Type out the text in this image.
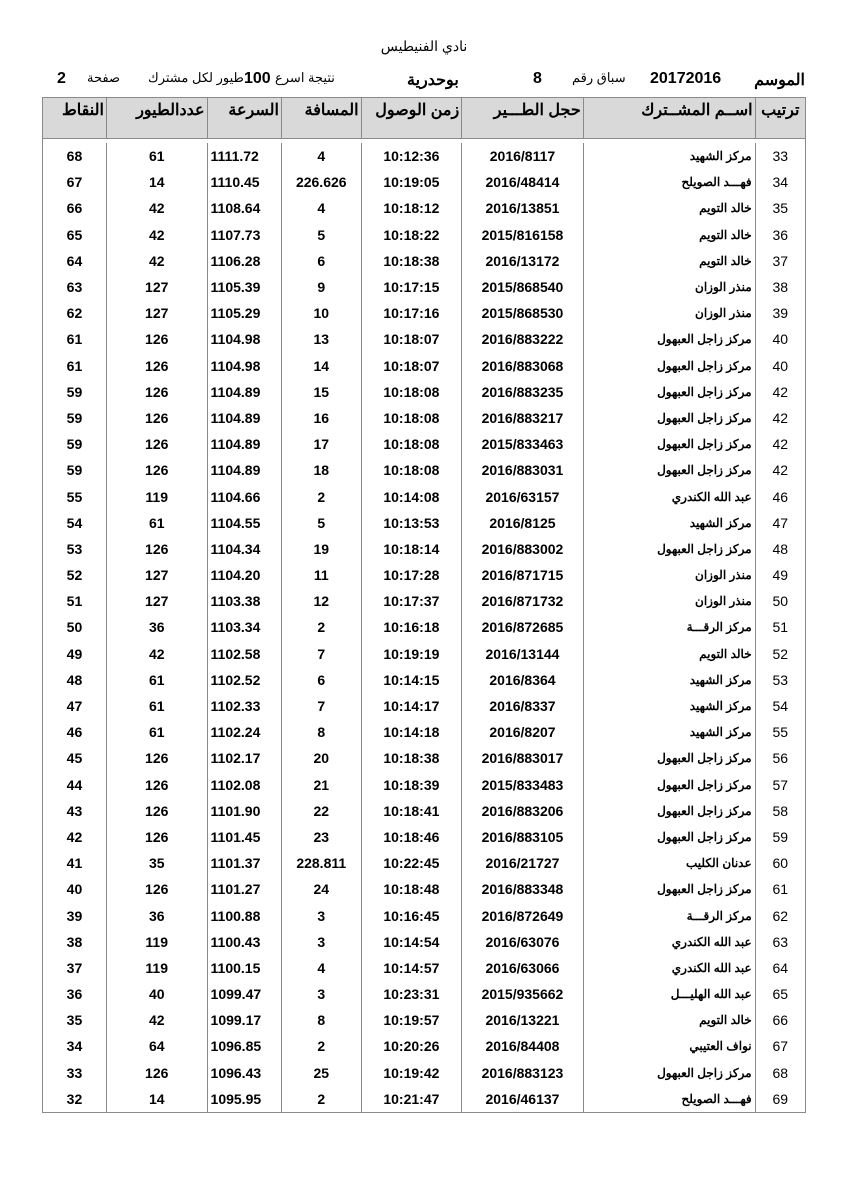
نادي الفنيطيس
الموسم
20172016
سباق رقم
8
بوحدرية
نتيجة اسرع
100
طيور لكل مشترك
صفحة
2
النقاط	عددالطيور	السرعة	المسافة	زمن الوصول	حجل الطـــير	اســم المشــترك	ترتيب

68	61	1111.72	4	10:12:36	2016/8117	مركز الشهيد	33
67	14	1110.45	226.626	10:19:05	2016/48414	فهـــد الصويلح	34
66	42	1108.64	4	10:18:12	2016/13851	خالد التويم	35
65	42	1107.73	5	10:18:22	2015/816158	خالد التويم	36
64	42	1106.28	6	10:18:38	2016/13172	خالد التويم	37
63	127	1105.39	9	10:17:15	2015/868540	منذر الوزان	38
62	127	1105.29	10	10:17:16	2015/868530	منذر الوزان	39
61	126	1104.98	13	10:18:07	2016/883222	مركز زاجل العبهول	40
61	126	1104.98	14	10:18:07	2016/883068	مركز زاجل العبهول	40
59	126	1104.89	15	10:18:08	2016/883235	مركز زاجل العبهول	42
59	126	1104.89	16	10:18:08	2016/883217	مركز زاجل العبهول	42
59	126	1104.89	17	10:18:08	2015/833463	مركز زاجل العبهول	42
59	126	1104.89	18	10:18:08	2016/883031	مركز زاجل العبهول	42
55	119	1104.66	2	10:14:08	2016/63157	عبد الله الكندري	46
54	61	1104.55	5	10:13:53	2016/8125	مركز الشهيد	47
53	126	1104.34	19	10:18:14	2016/883002	مركز زاجل العبهول	48
52	127	1104.20	11	10:17:28	2016/871715	منذر الوزان	49
51	127	1103.38	12	10:17:37	2016/871732	منذر الوزان	50
50	36	1103.34	2	10:16:18	2016/872685	مركز الرقـــة	51
49	42	1102.58	7	10:19:19	2016/13144	خالد التويم	52
48	61	1102.52	6	10:14:15	2016/8364	مركز الشهيد	53
47	61	1102.33	7	10:14:17	2016/8337	مركز الشهيد	54
46	61	1102.24	8	10:14:18	2016/8207	مركز الشهيد	55
45	126	1102.17	20	10:18:38	2016/883017	مركز زاجل العبهول	56
44	126	1102.08	21	10:18:39	2015/833483	مركز زاجل العبهول	57
43	126	1101.90	22	10:18:41	2016/883206	مركز زاجل العبهول	58
42	126	1101.45	23	10:18:46	2016/883105	مركز زاجل العبهول	59
41	35	1101.37	228.811	10:22:45	2016/21727	عدنان الكليب	60
40	126	1101.27	24	10:18:48	2016/883348	مركز زاجل العبهول	61
39	36	1100.88	3	10:16:45	2016/872649	مركز الرقـــة	62
38	119	1100.43	3	10:14:54	2016/63076	عبد الله الكندري	63
37	119	1100.15	4	10:14:57	2016/63066	عبد الله الكندري	64
36	40	1099.47	3	10:23:31	2015/935662	عبد الله الهليـــل	65
35	42	1099.17	8	10:19:57	2016/13221	خالد التويم	66
34	64	1096.85	2	10:20:26	2016/84408	نواف العتيبي	67
33	126	1096.43	25	10:19:42	2016/883123	مركز زاجل العبهول	68
32	14	1095.95	2	10:21:47	2016/46137	فهـــد الصويلح	69
